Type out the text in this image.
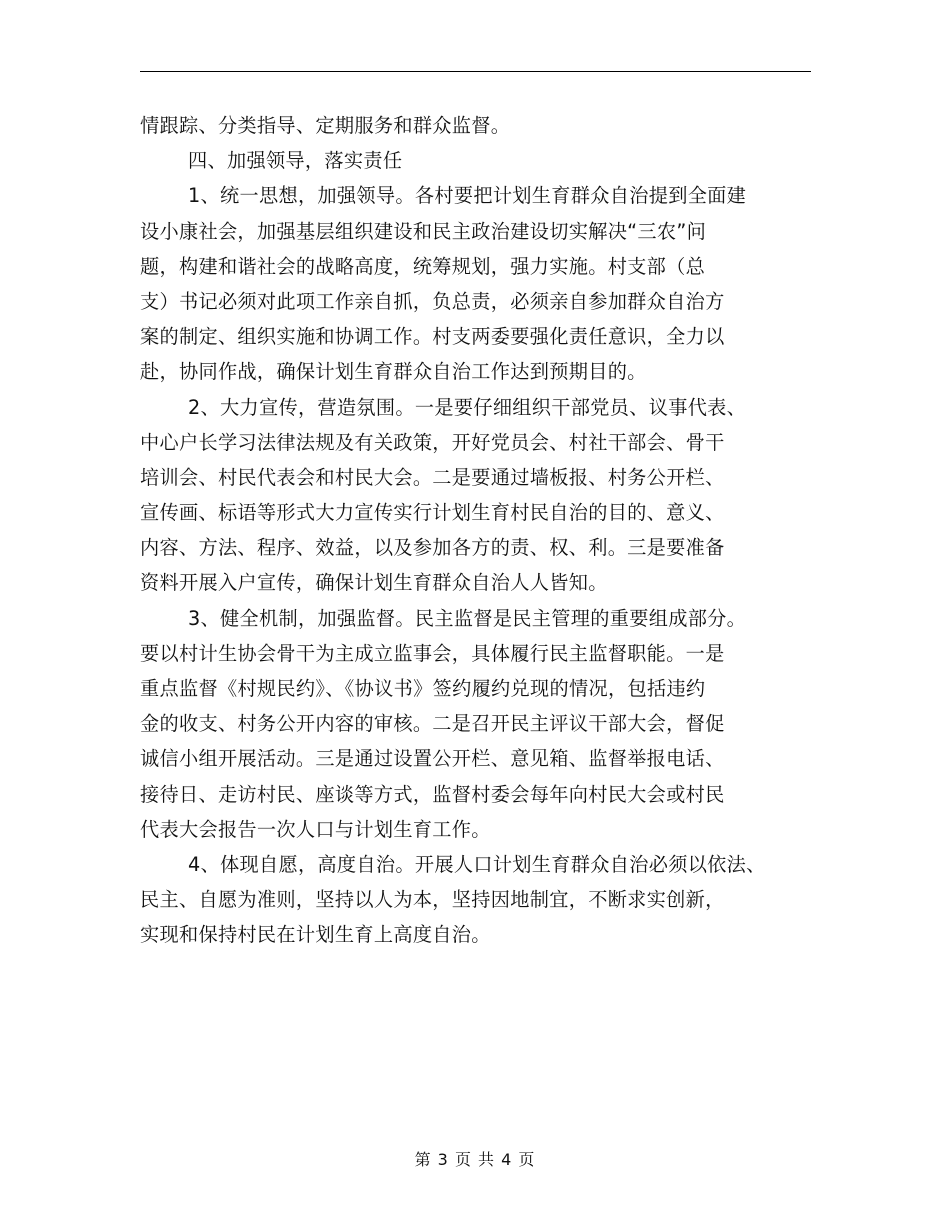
情跟踪、分类指导、定期服务和群众监督。
四、加强领导，落实责任
1、统一思想，加强领导。各村要把计划生育群众自治提到全面建
设小康社会，加强基层组织建设和民主政治建设切实解决“三农”问
题，构建和谐社会的战略高度，统筹规划，强力实施。村支部（总
支）书记必须对此项工作亲自抓，负总责，必须亲自参加群众自治方
案的制定、组织实施和协调工作。村支两委要强化责任意识，全力以
赴，协同作战，确保计划生育群众自治工作达到预期目的。
2、大力宣传，营造氛围。一是要仔细组织干部党员、议事代表、
中心户长学习法律法规及有关政策，开好党员会、村社干部会、骨干
培训会、村民代表会和村民大会。二是要通过墙板报、村务公开栏、
宣传画、标语等形式大力宣传实行计划生育村民自治的目的、意义、
内容、方法、程序、效益，以及参加各方的责、权、利。三是要准备
资料开展入户宣传，确保计划生育群众自治人人皆知。
3、健全机制，加强监督。民主监督是民主管理的重要组成部分。
要以村计生协会骨干为主成立监事会，具体履行民主监督职能。一是
重点监督《村规民约》、《协议书》签约履约兑现的情况，包括违约
金的收支、村务公开内容的审核。二是召开民主评议干部大会，督促
诚信小组开展活动。三是通过设置公开栏、意见箱、监督举报电话、
接待日、走访村民、座谈等方式，监督村委会每年向村民大会或村民
代表大会报告一次人口与计划生育工作。
4、体现自愿，高度自治。开展人口计划生育群众自治必须以依法、
民主、自愿为准则，坚持以人为本，坚持因地制宜，不断求实创新，
实现和保持村民在计划生育上高度自治。
第 3 页 共 4 页
